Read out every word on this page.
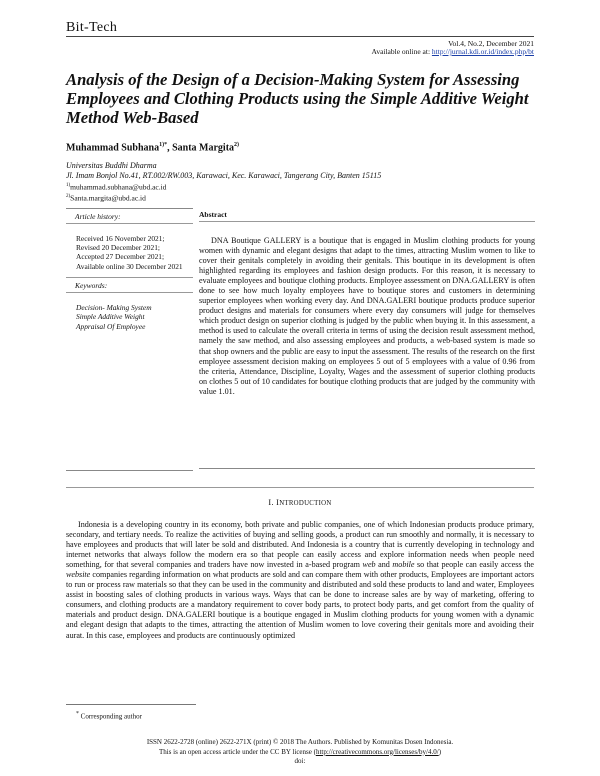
Bit-Tech
Vol.4, No.2, December 2021
Available online at: http://jurnal.kdi.or.id/index.php/bt
Analysis of the Design of a Decision-Making System for Assessing Employees and Clothing Products using the Simple Additive Weight Method Web-Based
Muhammad Subhana$^{1)*}$, Santa Margita$^{2)}$
Universitas Buddhi Dharma
Jl. Imam Bonjol No.41, RT.002/RW.003, Karawaci, Kec. Karawaci, Tangerang City, Banten 15115
$^{1)}$muhammad.subhana@ubd.ac.id
$^{2)}$Santa.margita@ubd.ac.id
Article history:
Received 16 November 2021;
Revised 20 December 2021;
Accepted 27 December 2021;
Available online 30 December 2021
Keywords:
Decision- Making System
Simple Additive Weight
Appraisal Of Employee
Abstract
DNA Boutique GALLERY is a boutique that is engaged in Muslim clothing products for young women with dynamic and elegant designs that adapt to the times, attracting Muslim women to like to cover their genitals completely in avoiding their genitals. This boutique in its development is often highlighted regarding its employees and fashion design products. For this reason, it is necessary to evaluate employees and boutique clothing products. Employee assessment on DNA.GALLERY is often done to see how much loyalty employees have to boutique stores and customers in determining superior employees when working every day. And DNA.GALERI boutique products produce superior product designs and materials for consumers where every day consumers will judge for themselves which product design on superior clothing is judged by the public when buying it. In this assessment, a method is used to calculate the overall criteria in terms of using the decision result assessment method, namely the saw method, and also assessing employees and products, a web-based system is made so that shop owners and the public are easy to input the assessment. The results of the research on the first employee assessment decision making on employees 5 out of 5 employees with a value of 0.96 from the criteria, Attendance, Discipline, Loyalty, Wages and the assessment of superior clothing products on clothes 5 out of 10 candidates for boutique clothing products that are judged by the community with value 1.01.
I. INTRODUCTION
Indonesia is a developing country in its economy, both private and public companies, one of which Indonesian products produce primary, secondary, and tertiary needs. To realize the activities of buying and selling goods, a product can run smoothly and normally, it is necessary to have employees and products that will later be sold and distributed. And Indonesia is a country that is currently developing in technology and internet networks that always follow the modern era so that people can easily access and explore information needs when people need something, for that several companies and traders have now invested in a-based program web and mobile so that people can easily access the website companies regarding information on what products are sold and can compare them with other products, Employees are important actors to run or process raw materials so that they can be used in the community and distributed and sold these products to land and water, Employees assist in boosting sales of clothing products in various ways. Ways that can be done to increase sales are by way of marketing, offering to consumers, and clothing products are a mandatory requirement to cover body parts, to protect body parts, and get comfort from the quality of materials and product design. DNA.GALERI boutique is a boutique engaged in Muslim clothing products for young women with a dynamic and elegant design that adapts to the times, attracting the attention of Muslim women to love covering their genitals more and avoiding their aurat. In this case, employees and products are continuously optimized
* Corresponding author
ISSN 2622-2728 (online) 2622-271X (print) © 2018 The Authors. Published by Komunitas Dosen Indonesia.
This is an open access article under the CC BY license (http://creativecommons.org/licenses/by/4.0/)
doi:
